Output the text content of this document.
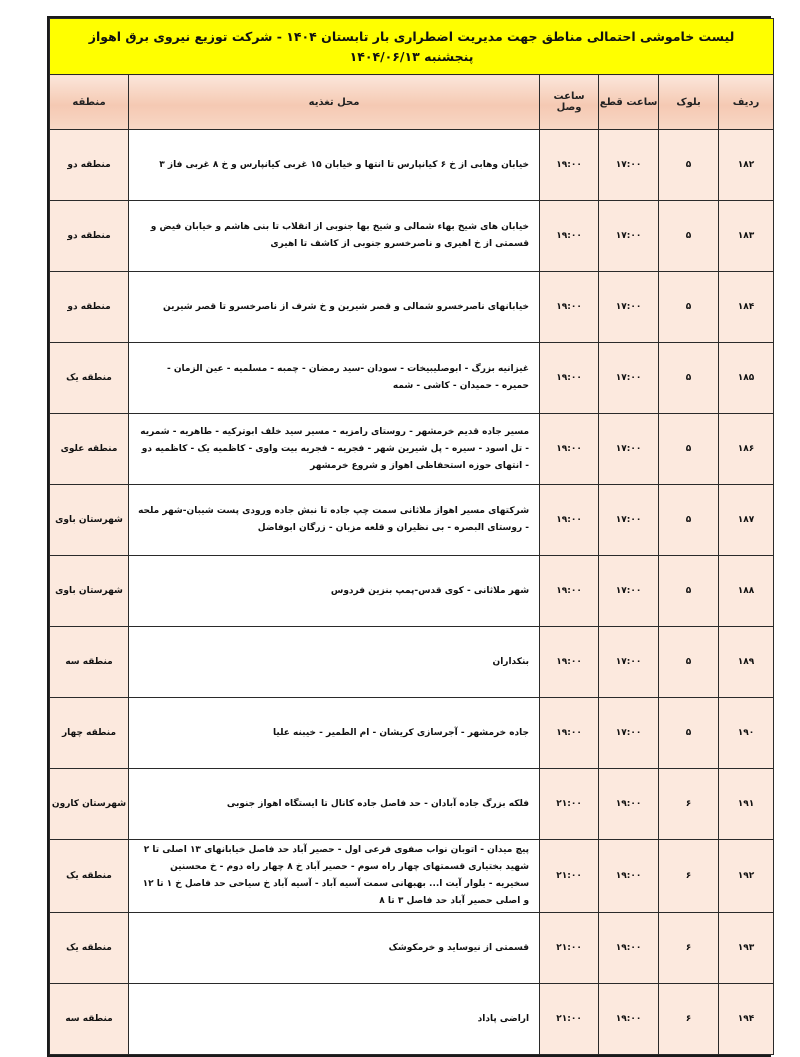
لیست خاموشی احتمالی مناطق جهت مدیریت اضطراری بار تابستان ۱۴۰۴ - شرکت توزیع نیروی برق اهواز
پنجشنبه ۱۴۰۴/۰۶/۱۳					

ردیف	بلوک	ساعت قطع	ساعت وصل	محل تغذیه	منطقه
۱۸۲	۵	۱۷:۰۰	۱۹:۰۰	خیابان وهابی از خ ۶ کیانپارس تا انتها و خیابان ۱۵ غربی کیانپارس و خ ۸ غربی فاز ۳	منطقه دو
۱۸۳	۵	۱۷:۰۰	۱۹:۰۰	خیابان های شیخ بهاء شمالی و شیخ بها جنوبی از انقلاب تا بنی هاشم و خیابان فیض و قسمتی از خ اهیری و ناصرخسرو جنوبی از کاشف تا اهیری	منطقه دو
۱۸۴	۵	۱۷:۰۰	۱۹:۰۰	خیابانهای ناصرخسرو شمالی و قصر شیرین و خ شرف از ناصرخسرو تا قصر شیرین	منطقه دو
۱۸۵	۵	۱۷:۰۰	۱۹:۰۰	غیزانیه بزرگ - ابوصلیبیخات - سودان -سید رمضان - چمبه - مسلمیه - عین الزمان - حمیره - حمیدان - کاشی - شمه	منطقه یک
۱۸۶	۵	۱۷:۰۰	۱۹:۰۰	مسیر جاده قدیم خرمشهر - روستای رامزیه - مسیر سید خلف ابوترکیه - طاهریه - شمریه - تل اسود - سیره - پل شیرین شهر - فجریه - فجریه بیت واوی - کاظمیه یک - کاظمیه دو - انتهای حوزه استحفاظی اهواز و شروع خرمشهر	منطقه علوی
۱۸۷	۵	۱۷:۰۰	۱۹:۰۰	شرکتهای مسیر اهواز ملاثانی سمت چپ جاده تا نبش جاده ورودی پست شیبان-شهر ملحه - روستای البصره - بی نظیران و قلعه مزبان - زرگان ابوفاضل	شهرستان باوی
۱۸۸	۵	۱۷:۰۰	۱۹:۰۰	شهر ملاثانی - کوی قدس-پمپ بنزین فردوس	شهرستان باوی
۱۸۹	۵	۱۷:۰۰	۱۹:۰۰	بنکداران	منطقه سه
۱۹۰	۵	۱۷:۰۰	۱۹:۰۰	جاده خرمشهر - آجرسازی کریشان - ام الطمیر - خیبنه علیا	منطقه چهار
۱۹۱	۶	۱۹:۰۰	۲۱:۰۰	فلکه بزرگ جاده آبادان - حد فاصل جاده کانال تا ایستگاه اهواز جنوبی	شهرستان کارون
۱۹۲	۶	۱۹:۰۰	۲۱:۰۰	پیچ میدان - اتوبان نواب صفوی فرعی اول - حصیر آباد حد فاصل خیابانهای ۱۳ اصلی تا ۲ شهید بختیاری قسمتهای چهار راه سوم - حصیر آباد خ ۸ چهار راه دوم - خ محسنین سخیریه - بلوار آیت ا... بهبهانی سمت آسیه آباد - آسیه آباد خ سیاحی حد فاصل خ ۱ تا ۱۲ و اصلی حصیر آباد حد فاصل ۳ تا ۸	منطقه یک
۱۹۳	۶	۱۹:۰۰	۲۱:۰۰	قسمتی از نیوساید و خرمکوشک	منطقه یک
۱۹۴	۶	۱۹:۰۰	۲۱:۰۰	اراضی پاداد	منطقه سه
